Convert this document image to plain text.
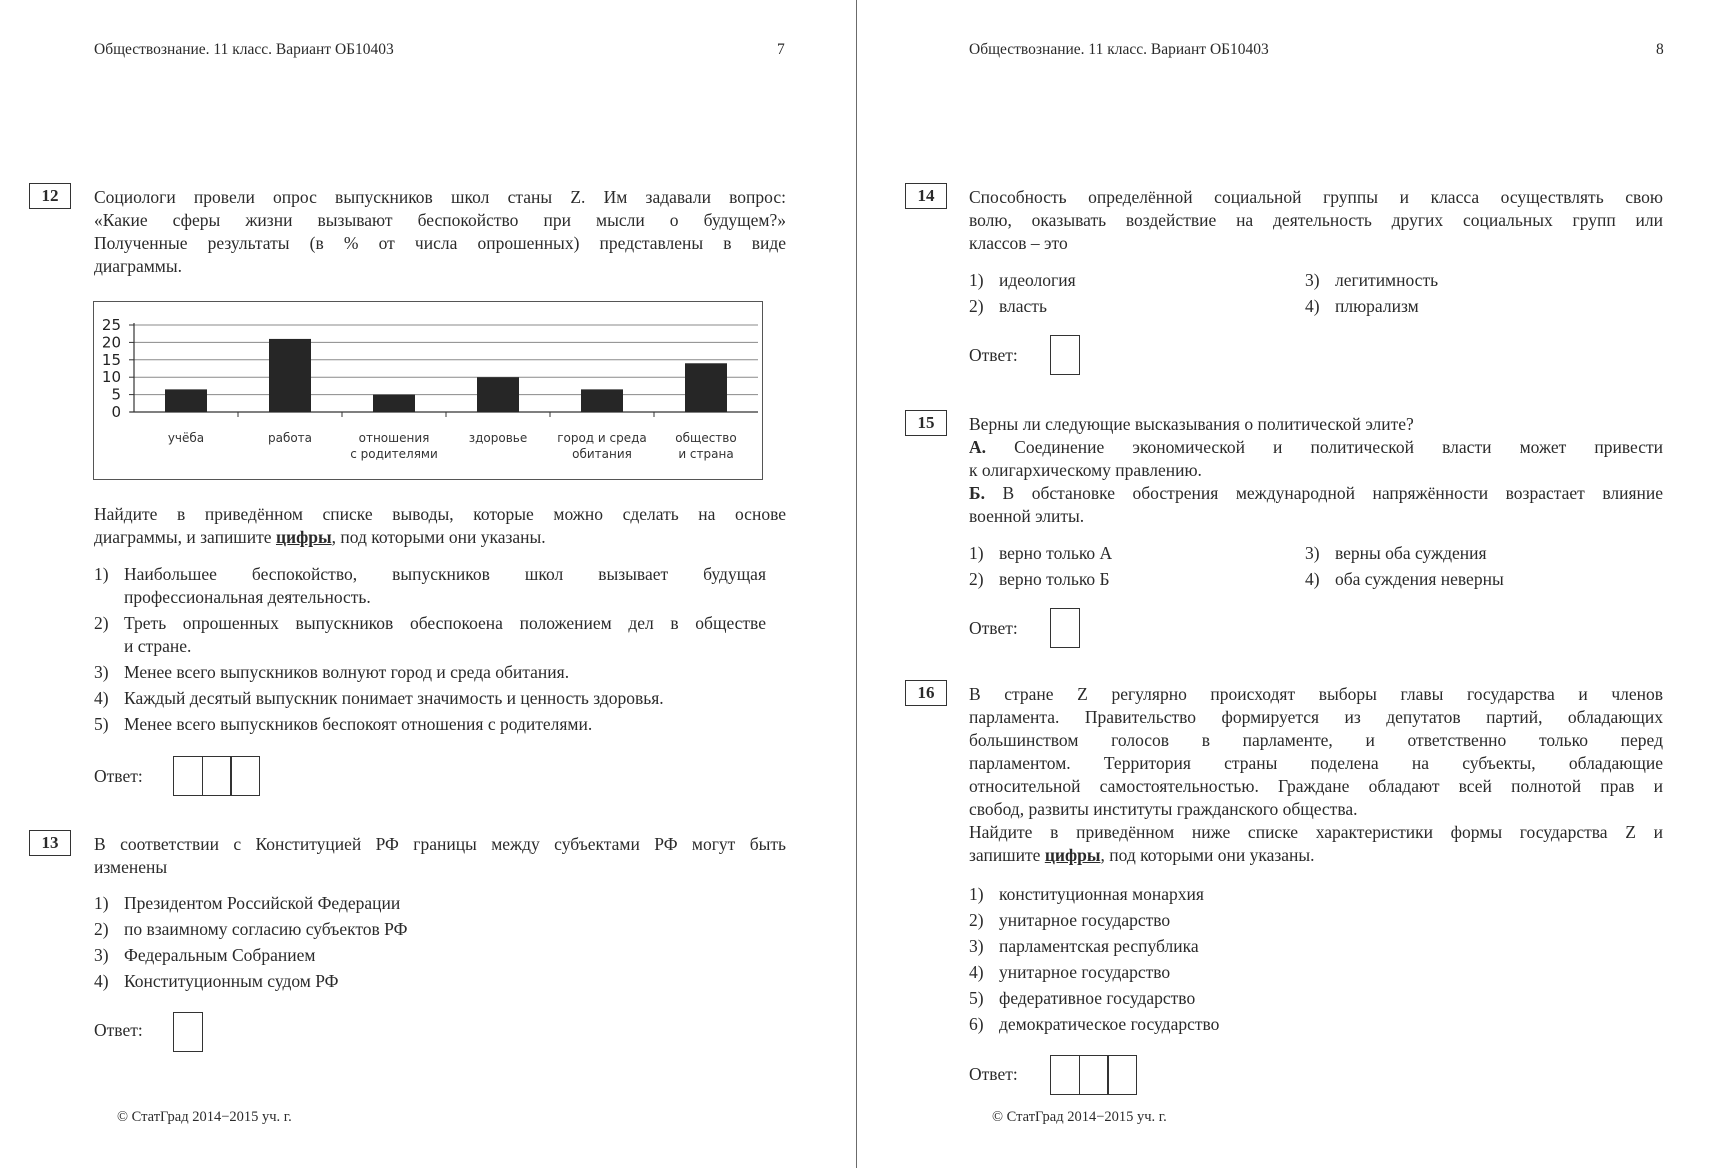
Обществознание. 11 класс. Вариант ОБ10403	7
12	Социологи провели опрос выпускников школ станы Z. Им задавали вопрос:
«Какие сферы жизни вызывают беспокойство при мысли о будущем?»
Полученные результаты (в % от числа опрошенных) представлены в виде
диаграммы.
25
20
15
10
5
0
учёба	работа	отношения
с родителями
здоровье город и среда
обитания
общество
и страна
Найдите в приведённом списке выводы, которые можно сделать на основе
диаграммы, и запишите цифры, под которыми они указаны.
1) Наибольшее беспокойство, выпускников школ вызывает будущая
профессиональная деятельность.
2) Треть опрошенных выпускников обеспокоена положением дел в обществе
и стране.
3) Менее всего выпускников волнуют город и среда обитания.
4) Каждый десятый выпускник понимает значимость и ценность здоровья.
5) Менее всего выпускников беспокоят отношения с родителями.
Ответ:
13	В соответствии с Конституцией РФ границы между субъектами РФ могут быть
изменены
1) Президентом Российской Федерации
2) по взаимному согласию субъектов РФ
3) Федеральным Собранием
4) Конституционным судом РФ
Ответ:
© СтатГрад 2014−2015 уч. г.
Обществознание. 11 класс. Вариант ОБ10403	8
14	Способность определённой социальной группы и класса осуществлять свою
волю, оказывать воздействие на деятельность других социальных групп или
классов – это
1) идеология
2) власть
3) легитимность
4) плюрализм
Ответ:
15	Верны ли следующие высказывания о политической элите?
А. Соединение экономической и политической власти может привести
к олигархическому правлению.
Б. В обстановке обострения международной напряжённости возрастает влияние
военной элиты.
1) верно только А
2) верно только Б
3) верны оба суждения
4) оба суждения неверны
Ответ:
16	В стране Z регулярно происходят выборы главы государства и членов
парламента. Правительство формируется из депутатов партий, обладающих
большинством голосов в парламенте, и ответственно только перед
парламентом. Территория страны поделена на субъекты, обладающие
относительной самостоятельностью. Граждане обладают всей полнотой прав и
свобод, развиты институты гражданского общества.
Найдите в приведённом ниже списке характеристики формы государства Z и
запишите цифры, под которыми они указаны.
1) конституционная монархия
2) унитарное государство
3) парламентская республика
4) унитарное государство
5) федеративное государство
6) демократическое государство
Ответ:
© СтатГрад 2014−2015 уч. г.
